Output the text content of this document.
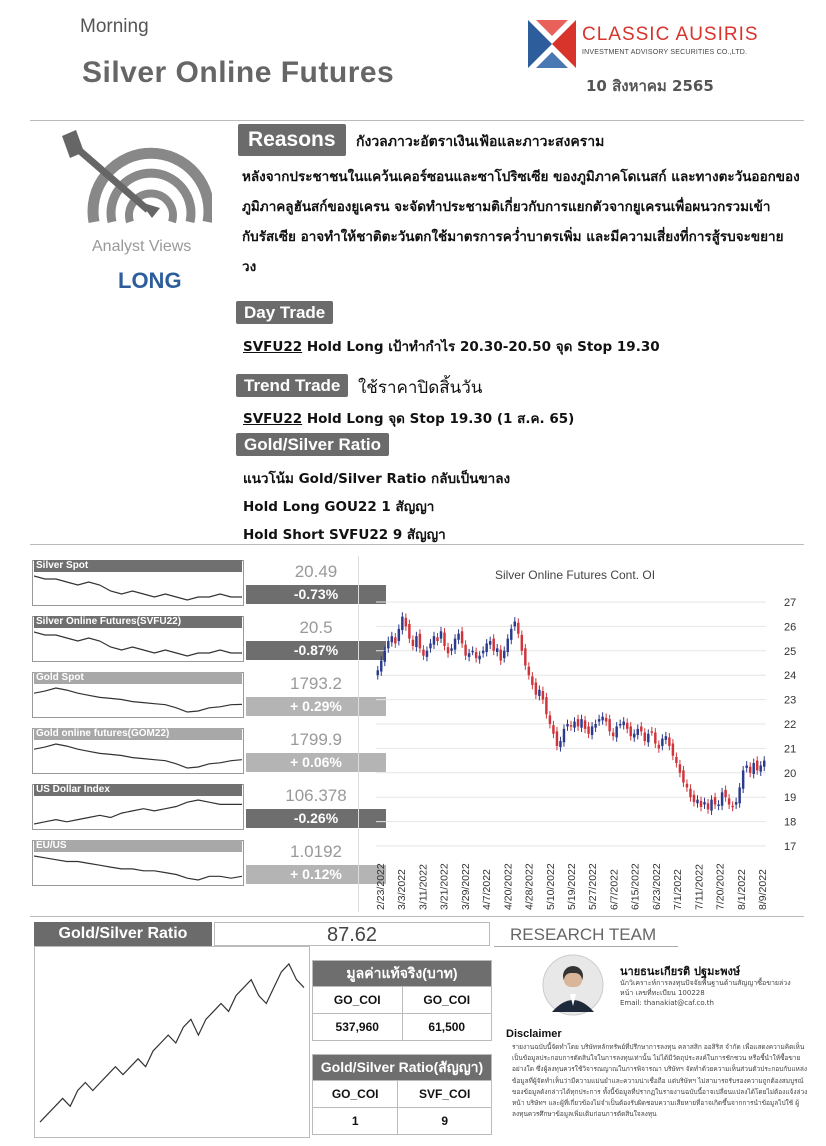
Morning
Silver Online Futures
CLASSIC AUSIRIS
INVESTMENT ADVISORY SECURITIES CO.,LTD.
10 สิงหาคม 2565
Analyst Views
LONG
Reasons	กังวลภาวะอัตราเงินเฟ้อและภาวะสงคราม
หลังจากประชาชนในแคว้นเคอร์ซอนและซาโปริซเซีย ของภูมิภาคโดเนสก์ และทางตะวันออกของ
ภูมิภาคลูฮันสก์ของยูเครน จะจัดทำประชามติเกี่ยวกับการแยกตัวจากยูเครนเพื่อผนวกรวมเข้า
กับรัสเซีย อาจทำให้ชาติตะวันตกใช้มาตรการคว่ำบาตรเพิ่ม และมีความเสี่ยงที่การสู้รบจะขยาย
วง
Day Trade
SVFU22 Hold Long เป้าทำกำไร 20.30-20.50 จุด Stop 19.30
Trend Trade	ใช้ราคาปิดสิ้นวัน
SVFU22 Hold Long จุด Stop 19.30 (1 ส.ค. 65)
Gold/Silver Ratio
แนวโน้ม Gold/Silver Ratio กลับเป็นขาลง
Hold Long GOU22 1 สัญญา
Hold Short SVFU22 9 สัญญา
Silver Spot	20.49
-0.73%
Silver Online Futures(SVFU22)	20.5
-0.87%
Gold Spot	1793.2
+ 0.29%
Gold online futures(GOM22)	1799.9
+ 0.06%
US Dollar Index	106.378
-0.26%
EU/US	1.0192
+ 0.12%
Silver Online Futures Cont. OI
17
18
19
20
21
22
23
24
25
26
27
2/23/2022 3/3/2022 3/11/2022 3/21/2022 3/29/2022 4/7/2022 4/20/2022 4/28/2022 5/10/2022 5/19/2022 5/27/2022 6/7/2022 6/15/2022 6/23/2022 7/1/2022 7/11/2022 7/20/2022 8/1/2022 8/9/2022
Gold/Silver Ratio	87.62	RESEARCH TEAM
มูลค่าแท้จริง(บาท)	
GO_COI	GO_COI
537,960	61,500
Gold/Silver Ratio(สัญญา)	
GO_COI	SVF_COI
1	9
นายธนะเกียรติ ปฐมะพงษ์
นักวิเคราะห์การลงทุนปัจจัยพื้นฐานด้านสัญญาซื้อขายล่วงหน้า เลขที่ทะเบียน 100228
Email: thanakiat@caf.co.th
Disclaimer
รายงานฉบับนี้จัดทำโดย บริษัทหลักทรัพย์ที่ปรึกษาการลงทุน คลาสสิก ออสิริส จำกัด เพื่อแสดงความคิดเห็นเป็นข้อมูลประกอบการตัดสินใจในการลงทุนเท่านั้น ไม่ได้มีวัตถุประสงค์ในการชักชวน หรือชี้นำให้ซื้อขายอย่างใด ซึ่งผู้ลงทุนควรใช้วิจารณญาณในการพิจารณา บริษัทฯ จัดทำด้วยความเห็นส่วนตัวประกอบกับแหล่งข้อมูลที่ผู้จัดทำเห็นว่ามีความแม่นยำและความน่าเชื่อถือ แต่บริษัทฯ ไม่สามารถรับรองความถูกต้องสมบูรณ์ของข้อมูลดังกล่าวได้ทุกประการ ทั้งนี้ข้อมูลที่ปรากฏในรายงานฉบับนี้อาจเปลี่ยนแปลงได้โดยไม่ต้องแจ้งล่วงหน้า บริษัทฯ และผู้ที่เกี่ยวข้องไม่จำเป็นต้องรับผิดชอบความเสียหายที่อาจเกิดขึ้นจากการนำข้อมูลไปใช้ ผู้ลงทุนควรศึกษาข้อมูลเพิ่มเติมก่อนการตัดสินใจลงทุน
